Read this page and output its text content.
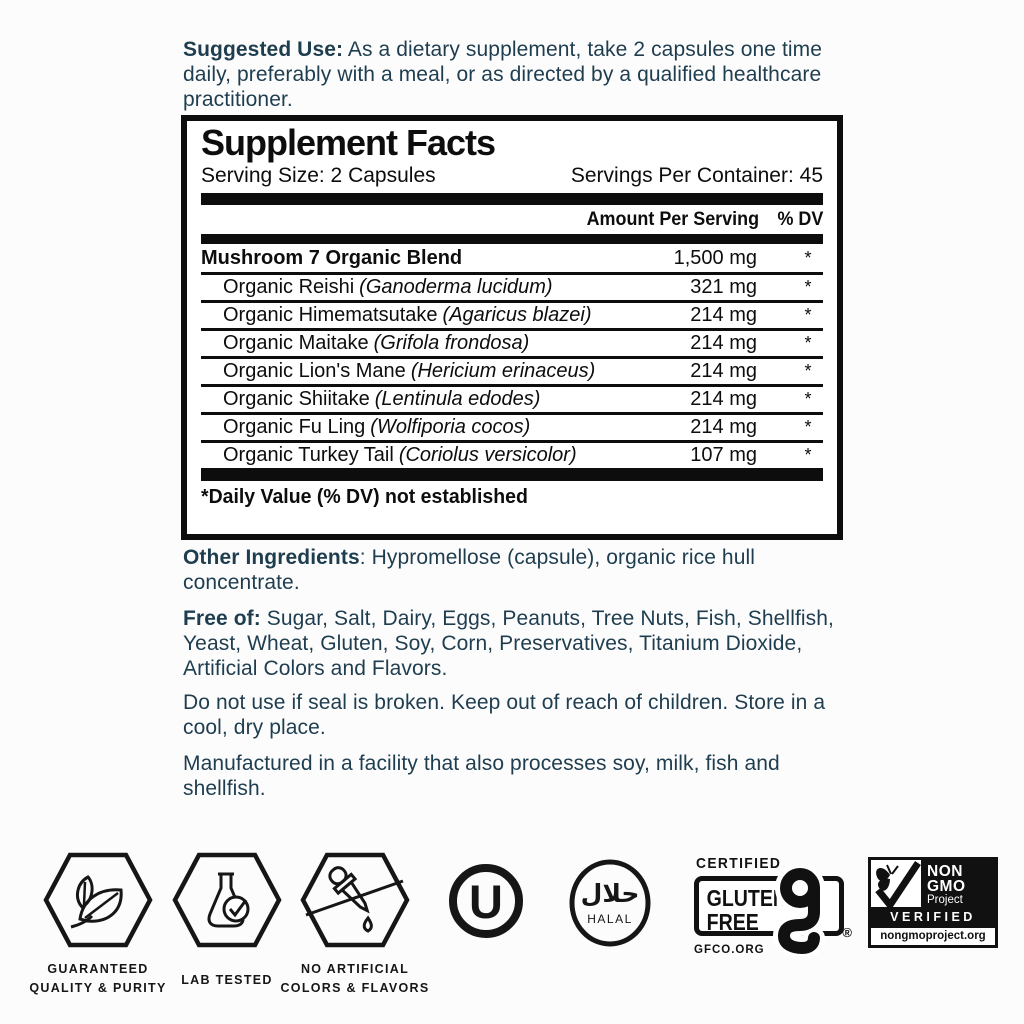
Suggested Use: As a dietary supplement, take 2 capsules one time daily, preferably with a meal, or as directed by a qualified healthcare practitioner.

Supplement Facts
Serving Size: 2 Capsules	Servings Per Container: 45
Amount Per Serving % DV
Mushroom 7 Organic Blend	1,500 mg	*
Organic Reishi (Ganoderma lucidum)	321 mg	*
Organic Himematsutake (Agaricus blazei)	214 mg	*
Organic Maitake (Grifola frondosa)	214 mg	*
Organic Lion's Mane (Hericium erinaceus)	214 mg	*
Organic Shiitake (Lentinula edodes)	214 mg	*
Organic Fu Ling (Wolfiporia cocos)	214 mg	*
Organic Turkey Tail (Coriolus versicolor)	107 mg	*
*Daily Value (% DV) not established

Other Ingredients: Hypromellose (capsule), organic rice hull concentrate.

Free of: Sugar, Salt, Dairy, Eggs, Peanuts, Tree Nuts, Fish, Shellfish, Yeast, Wheat, Gluten, Soy, Corn, Preservatives, Titanium Dioxide, Artificial Colors and Flavors.

Do not use if seal is broken. Keep out of reach of children. Store in a cool, dry place.

Manufactured in a facility that also processes soy, milk, fish and shellfish.

GUARANTEED
QUALITY & PURITY
LAB TESTED
NO ARTIFICIAL
COLORS & FLAVORS
U	حلال
HALAL
CERTIFIED
GLUTEN
FREE	®
GFCO.ORG
NON
GMO
Project
VERIFIED
nongmoproject.org
